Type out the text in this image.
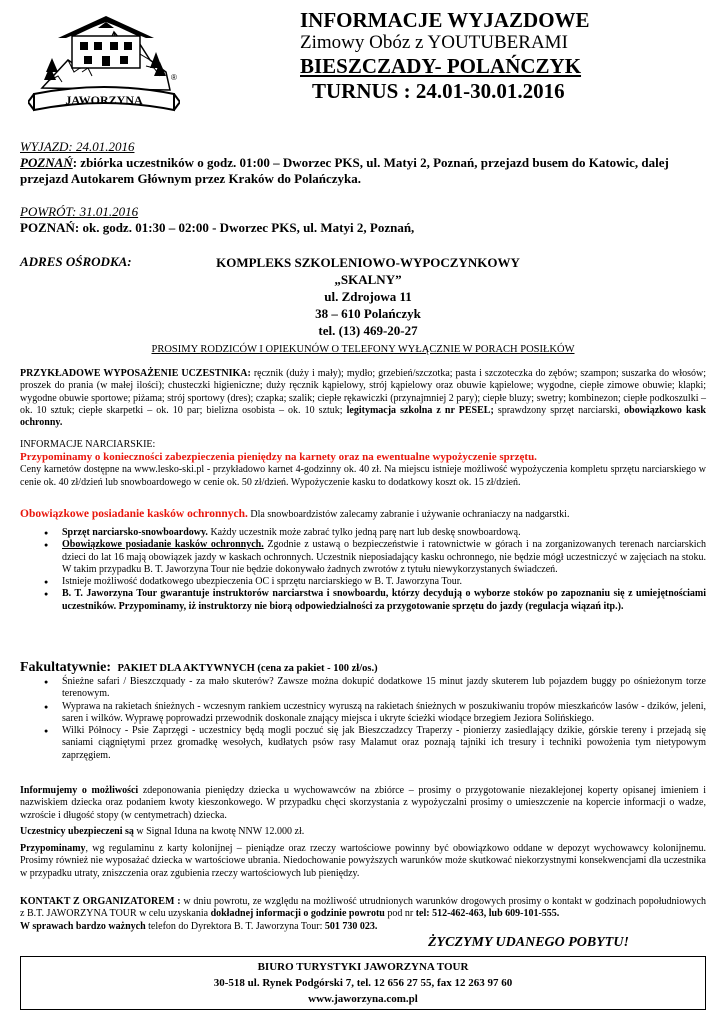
JAWORZYNA
®
INFORMACJE WYJAZDOWE
Zimowy Obóz z YOUTUBERAMI
BIESZCZADY- POLAŃCZYK
TURNUS : 24.01-30.01.2016
WYJAZD: 24.01.2016
POZNAŃ: zbiórka uczestników o godz. 01:00 – Dworzec PKS, ul. Matyi 2, Poznań, przejazd busem do Katowic, dalej przejazd Autokarem Głównym przez Kraków do Polańczyka.
POWRÓT: 31.01.2016
POZNAŃ: ok. godz. 01:30 – 02:00 - Dworzec PKS, ul. Matyi 2, Poznań,
ADRES OŚRODKA:	KOMPLEKS SZKOLENIOWO-WYPOCZYNKOWY
„SKALNY”
ul. Zdrojowa 11
38 – 610 Polańczyk
tel. (13) 469-20-27
PROSIMY RODZICÓW I OPIEKUNÓW O TELEFONY WYŁĄCZNIE W PORACH POSIŁKÓW
PRZYKŁADOWE WYPOSAŻENIE UCZESTNIKA: ręcznik (duży i mały); mydło; grzebień/szczotka; pasta i szczoteczka do zębów; szampon; suszarka do włosów; proszek do prania (w małej ilości); chusteczki higieniczne; duży ręcznik kąpielowy, strój kąpielowy oraz obuwie kąpielowe; wygodne, ciepłe zimowe obuwie; klapki; wygodne obuwie sportowe; piżama; strój sportowy (dres); czapka; szalik; ciepłe rękawiczki (przynajmniej 2 pary); ciepłe bluzy; swetry; kombinezon; ciepłe podkoszulki – ok. 10 sztuk; ciepłe skarpetki – ok. 10 par; bielizna osobista – ok. 10 sztuk; legitymacja szkolna z nr PESEL; sprawdzony sprzęt narciarski, obowiązkowo kask ochronny.
INFORMACJE NARCIARSKIE:
Przypominamy o konieczności zabezpieczenia pieniędzy na karnety oraz na ewentualne wypożyczenie sprzętu.
Ceny karnetów dostępne na www.lesko-ski.pl - przykładowo karnet 4-godzinny ok. 40 zł. Na miejscu istnieje możliwość wypożyczenia kompletu sprzętu narciarskiego w cenie ok. 40 zł/dzień lub snowboardowego w cenie ok. 50 zł/dzień. Wypożyczenie kasku to dodatkowy koszt ok. 15 zł/dzień.
Obowiązkowe posiadanie kasków ochronnych. Dla snowboardzistów zalecamy zabranie i używanie ochraniaczy na nadgarstki.
● Sprzęt narciarsko-snowboardowy. Każdy uczestnik może zabrać tylko jedną parę nart lub deskę snowboardową.
● Obowiązkowe posiadanie kasków ochronnych. Zgodnie z ustawą o bezpieczeństwie i ratownictwie w górach i na zorganizowanych terenach narciarskich dzieci do lat 16 mają obowiązek jazdy w kaskach ochronnych. Uczestnik nieposiadający kasku ochronnego, nie będzie mógł uczestniczyć w zajęciach na stoku. W takim przypadku B. T. Jaworzyna Tour nie będzie dokonywało żadnych zwrotów z tytułu niewykorzystanych świadczeń.
● Istnieje możliwość dodatkowego ubezpieczenia OC i sprzętu narciarskiego w B. T. Jaworzyna Tour.
● B. T. Jaworzyna Tour gwarantuje instruktorów narciarstwa i snowboardu, którzy decydują o wyborze stoków po zapoznaniu się z umiejętnościami uczestników. Przypominamy, iż instruktorzy nie biorą odpowiedzialności za przygotowanie sprzętu do jazdy (regulacja wiązań itp.).
Fakultatywnie: PAKIET DLA AKTYWNYCH (cena za pakiet - 100 zł/os.)
● Śnieżne safari / Bieszczquady - za mało skuterów? Zawsze można dokupić dodatkowe 15 minut jazdy skuterem lub pojazdem buggy po ośnieżonym torze terenowym.
● Wyprawa na rakietach śnieżnych - wczesnym rankiem uczestnicy wyruszą na rakietach śnieżnych w poszukiwaniu tropów mieszkańców lasów - dzików, jeleni, saren i wilków. Wyprawę poprowadzi przewodnik doskonale znający miejsca i ukryte ścieżki wiodące brzegiem Jeziora Solińskiego.
● Wilki Północy - Psie Zaprzęgi - uczestnicy będą mogli poczuć się jak Bieszczadzcy Traperzy - pionierzy zasiedlający dzikie, górskie tereny i przejadą się saniami ciągniętymi przez gromadkę wesołych, kudłatych psów rasy Malamut oraz poznają tajniki ich tresury i techniki powożenia tym nietypowym zaprzęgiem.
Informujemy o możliwości zdeponowania pieniędzy dziecka u wychowawców na zbiórce – prosimy o przygotowanie niezaklejonej koperty opisanej imieniem i nazwiskiem dziecka oraz podaniem kwoty kieszonkowego. W przypadku chęci skorzystania z wypożyczalni prosimy o umieszczenie na kopercie informacji o wadze, wzroście i długość stopy (w centymetrach) dziecka.
Uczestnicy ubezpieczeni są w Signal Iduna na kwotę NNW 12.000 zł.
Przypominamy, wg regulaminu z karty kolonijnej – pieniądze oraz rzeczy wartościowe powinny być obowiązkowo oddane w depozyt wychowawcy kolonijnemu. Prosimy również nie wyposażać dziecka w wartościowe ubrania. Niedochowanie powyższych warunków może skutkować niekorzystnymi konsekwencjami dla uczestnika w przypadku utraty, zniszczenia oraz zgubienia rzeczy wartościowych lub pieniędzy.
KONTAKT Z ORGANIZATOREM : w dniu powrotu, ze względu na możliwość utrudnionych warunków drogowych prosimy o kontakt w godzinach popołudniowych z B.T. JAWORZYNA TOUR w celu uzyskania dokładnej informacji o godzinie powrotu pod nr tel: 512-462-463, lub 609-101-555.
W sprawach bardzo ważnych telefon do Dyrektora B. T. Jaworzyna Tour: 501 730 023.
ŻYCZYMY UDANEGO POBYTU!
BIURO TURYSTYKI JAWORZYNA TOUR
30-518 ul. Rynek Podgórski 7, tel. 12 656 27 55, fax 12 263 97 60
www.jaworzyna.com.pl
